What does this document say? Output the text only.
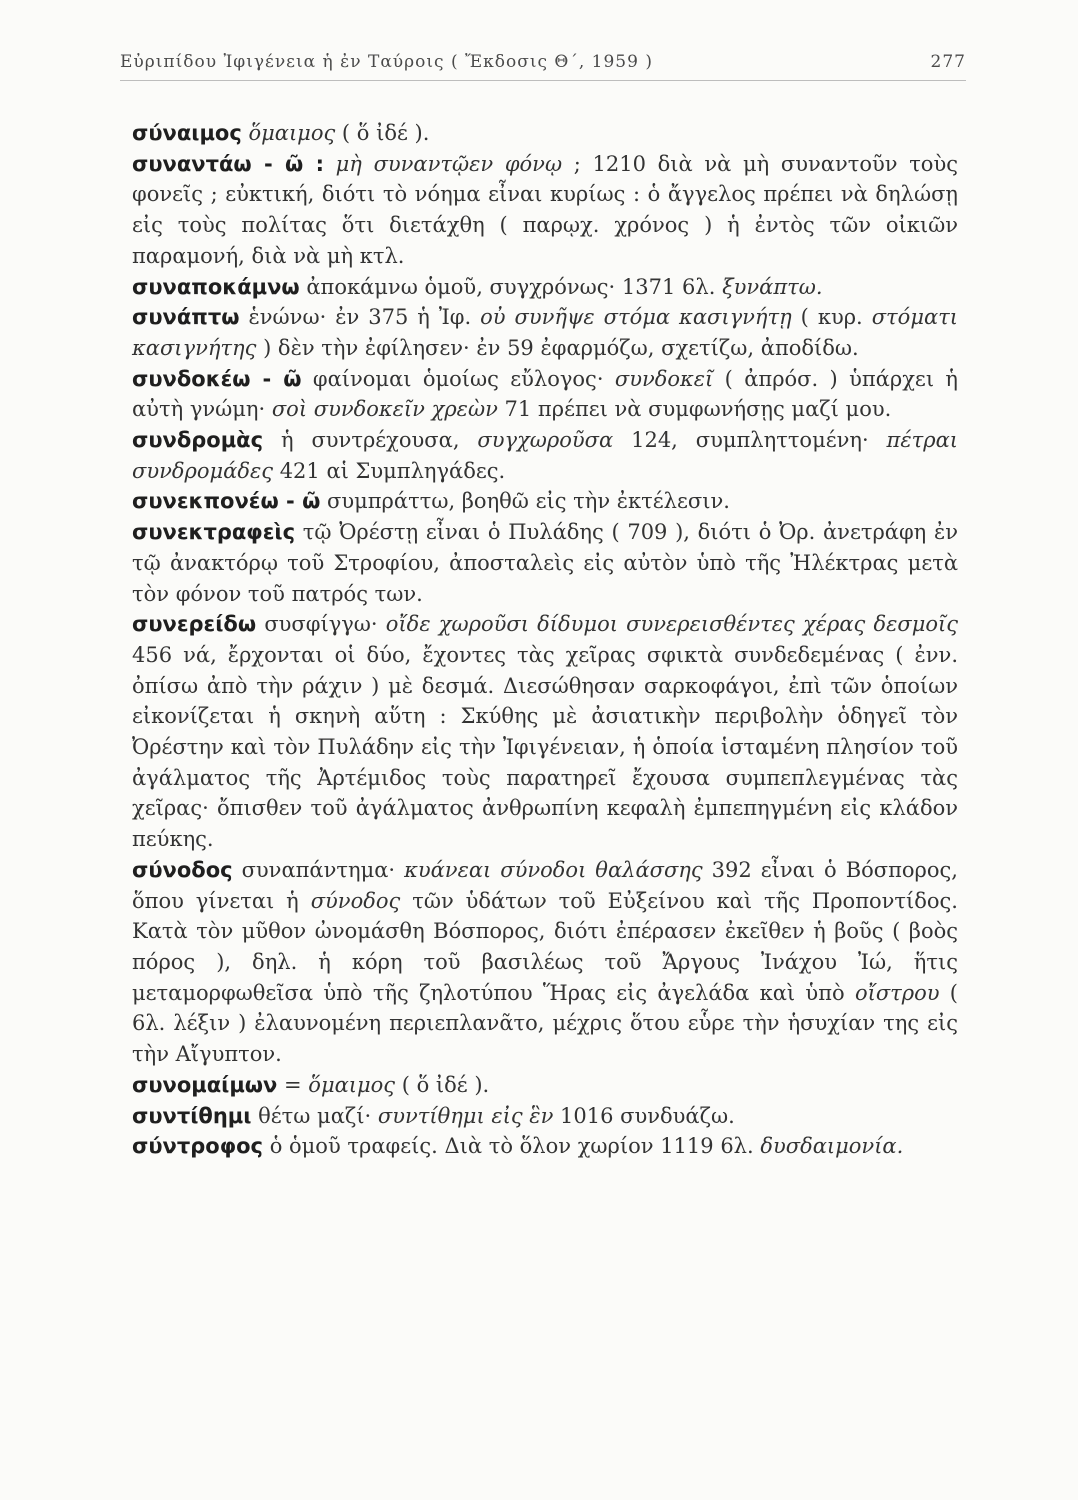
Εὐριπίδου Ἰφιγένεια ἡ ἐν Ταύροις ( Ἔκδοσις Θ΄, 1959 )	277

σύναιμος ὅμαιμος ( ὅ ἰδέ ).

συναντάω - ῶ : μὴ συναντῷεν φόνῳ ; 1210 διὰ νὰ μὴ συναντοῦν τοὺς φονεῖς ; εὐκτική, διότι τὸ νόημα εἶναι κυρίως : ὁ ἄγγελος πρέπει νὰ δηλώσῃ εἰς τοὺς πολίτας ὅτι διετάχθη ( παρῳχ. χρόνος ) ἡ ἐντὸς τῶν οἰκιῶν παραμονή, διὰ νὰ μὴ κτλ.

συναποκάμνω ἀποκάμνω ὁμοῦ, συγχρόνως· 1371 6λ. ξυνάπτω.

συνάπτω ἑνώνω· ἐν 375 ἡ Ἰφ. οὐ συνῆψε στόμα κασιγνήτῃ ( κυρ. στόματι κασιγνήτης ) δὲν τὴν ἐφίλησεν· ἐν 59 ἐφαρμόζω, σχετίζω, ἀποδίδω.

συνδοκέω - ῶ φαίνομαι ὁμοίως εὔλογος· συνδοκεῖ ( ἀπρόσ. ) ὑπάρχει ἡ αὐτὴ γνώμη· σοὶ συνδοκεῖν χρεὼν 71 πρέπει νὰ συμφωνήσῃς μαζί μου.

συνδρομὰς ἡ συντρέχουσα, συγχωροῦσα 124, συμπληττομένη· πέτραι συνδρομάδες 421 αἱ Συμπληγάδες.

συνεκπονέω - ῶ συμπράττω, βοηθῶ εἰς τὴν ἐκτέλεσιν.

συνεκτραφεὶς τῷ Ὀρέστῃ εἶναι ὁ Πυλάδης ( 709 ), διότι ὁ Ὀρ. ἀνετράφη ἐν τῷ ἀνακτόρῳ τοῦ Στροφίου, ἀποσταλεὶς εἰς αὐτὸν ὑπὸ τῆς Ἠλέκτρας μετὰ τὸν φόνον τοῦ πατρός των.

συνερείδω συσφίγγω· οἴδε χωροῦσι δίδυμοι συνερεισθέντες χέρας δεσμοῖς 456 νά, ἔρχονται οἱ δύο, ἔχοντες τὰς χεῖρας σφικτὰ συνδεδεμένας ( ἐνν. ὀπίσω ἀπὸ τὴν ράχιν ) μὲ δεσμά. Διεσώθησαν σαρκοφάγοι, ἐπὶ τῶν ὁποίων εἰκονίζεται ἡ σκηνὴ αὕτη : Σκύθης μὲ ἀσιατικὴν περιβολὴν ὁδηγεῖ τὸν Ὀρέστην καὶ τὸν Πυλάδην εἰς τὴν Ἰφιγένειαν, ἡ ὁποία ἱσταμένη πλησίον τοῦ ἀγάλματος τῆς Ἀρτέμιδος τοὺς παρατηρεῖ ἔχουσα συμπεπλεγμένας τὰς χεῖρας· ὄπισθεν τοῦ ἀγάλματος ἀνθρωπίνη κεφαλὴ ἐμπεπηγμένη εἰς κλάδον πεύκης.

σύνοδος συναπάντημα· κυάνεαι σύνοδοι θαλάσσης 392 εἶναι ὁ Βόσπορος, ὅπου γίνεται ἡ σύνοδος τῶν ὑδάτων τοῦ Εὐξείνου καὶ τῆς Προποντίδος. Κατὰ τὸν μῦθον ὠνομάσθη Βόσπορος, διότι ἐπέρασεν ἐκεῖθεν ἡ βοῦς ( βοὸς πόρος ), δηλ. ἡ κόρη τοῦ βασιλέως τοῦ Ἄργους Ἰνάχου Ἰώ, ἥτις μεταμορφωθεῖσα ὑπὸ τῆς ζηλοτύπου Ἥρας εἰς ἀγελάδα καὶ ὑπὸ οἴστρου ( 6λ. λέξιν ) ἐλαυνομένη περιεπλανᾶτο, μέχρις ὅτου εὗρε τὴν ἡσυχίαν της εἰς τὴν Αἴγυπτον.

συνομαίμων = ὅμαιμος ( ὅ ἰδέ ).

συντίθημι θέτω μαζί· συντίθημι εἰς ἓν 1016 συνδυάζω.

σύντροφος ὁ ὁμοῦ τραφείς. Διὰ τὸ ὅλον χωρίον 1119 6λ. δυσδαιμονία.
